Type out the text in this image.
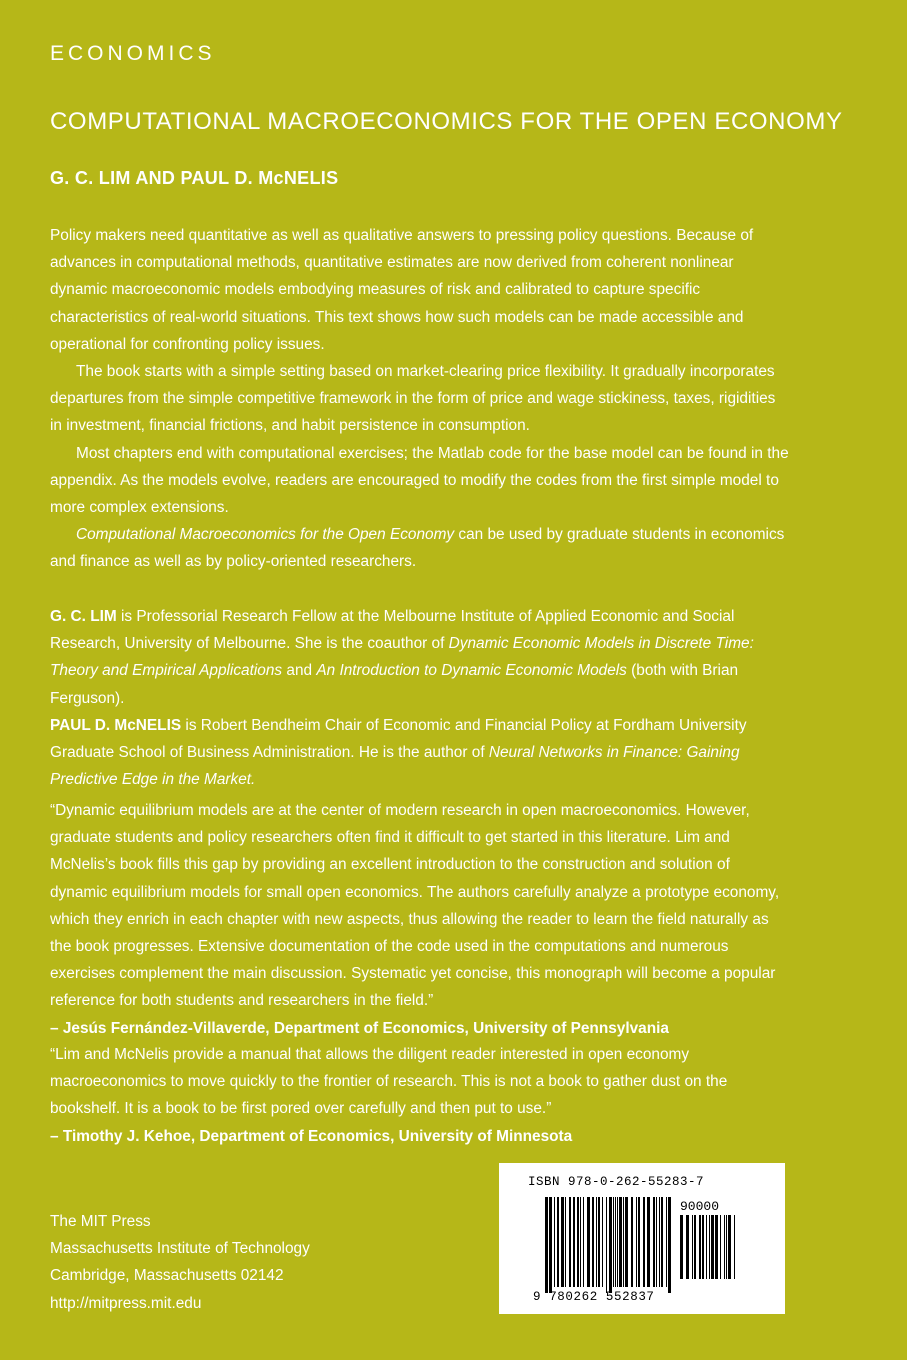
ECONOMICS
COMPUTATIONAL MACROECONOMICS FOR THE OPEN ECONOMY
G. C. LIM AND PAUL D. McNELIS

Policy makers need quantitative as well as qualitative answers to pressing policy questions. Because of advances in computational methods, quantitative estimates are now derived from coherent nonlinear dynamic macroeconomic models embodying measures of risk and calibrated to capture specific characteristics of real-world situations. This text shows how such models can be made accessible and operational for confronting policy issues.

The book starts with a simple setting based on market-clearing price flexibility. It gradually incorporates departures from the simple competitive framework in the form of price and wage stickiness, taxes, rigidities in investment, financial frictions, and habit persistence in consumption.

Most chapters end with computational exercises; the Matlab code for the base model can be found in the appendix. As the models evolve, readers are encouraged to modify the codes from the first simple model to more complex extensions.

Computational Macroeconomics for the Open Economy can be used by graduate students in economics and finance as well as by policy-oriented researchers.

G. C. LIM is Professorial Research Fellow at the Melbourne Institute of Applied Economic and Social Research, University of Melbourne. She is the coauthor of Dynamic Economic Models in Discrete Time: Theory and Empirical Applications and An Introduction to Dynamic Economic Models (both with Brian Ferguson).

PAUL D. McNELIS is Robert Bendheim Chair of Economic and Financial Policy at Fordham University Graduate School of Business Administration. He is the author of Neural Networks in Finance: Gaining Predictive Edge in the Market.

“Dynamic equilibrium models are at the center of modern research in open macroeconomics. However, graduate students and policy researchers often find it difficult to get started in this literature. Lim and McNelis’s book fills this gap by providing an excellent introduction to the construction and solution of dynamic equilibrium models for small open economics. The authors carefully analyze a prototype economy, which they enrich in each chapter with new aspects, thus allowing the reader to learn the field naturally as the book progresses. Extensive documentation of the code used in the computations and numerous exercises complement the main discussion. Systematic yet concise, this monograph will become a popular reference for both students and researchers in the field.”

– Jesús Fernández-Villaverde, Department of Economics, University of Pennsylvania

“Lim and McNelis provide a manual that allows the diligent reader interested in open economy macroeconomics to move quickly to the frontier of research. This is not a book to gather dust on the bookshelf. It is a book to be first pored over carefully and then put to use.”

– Timothy J. Kehoe, Department of Economics, University of Minnesota

The MIT Press
Massachusetts Institute of Technology
Cambridge, Massachusetts 02142
http://mitpress.mit.edu
ISBN 978-0-262-55283-7
90000
9 780262 552837
